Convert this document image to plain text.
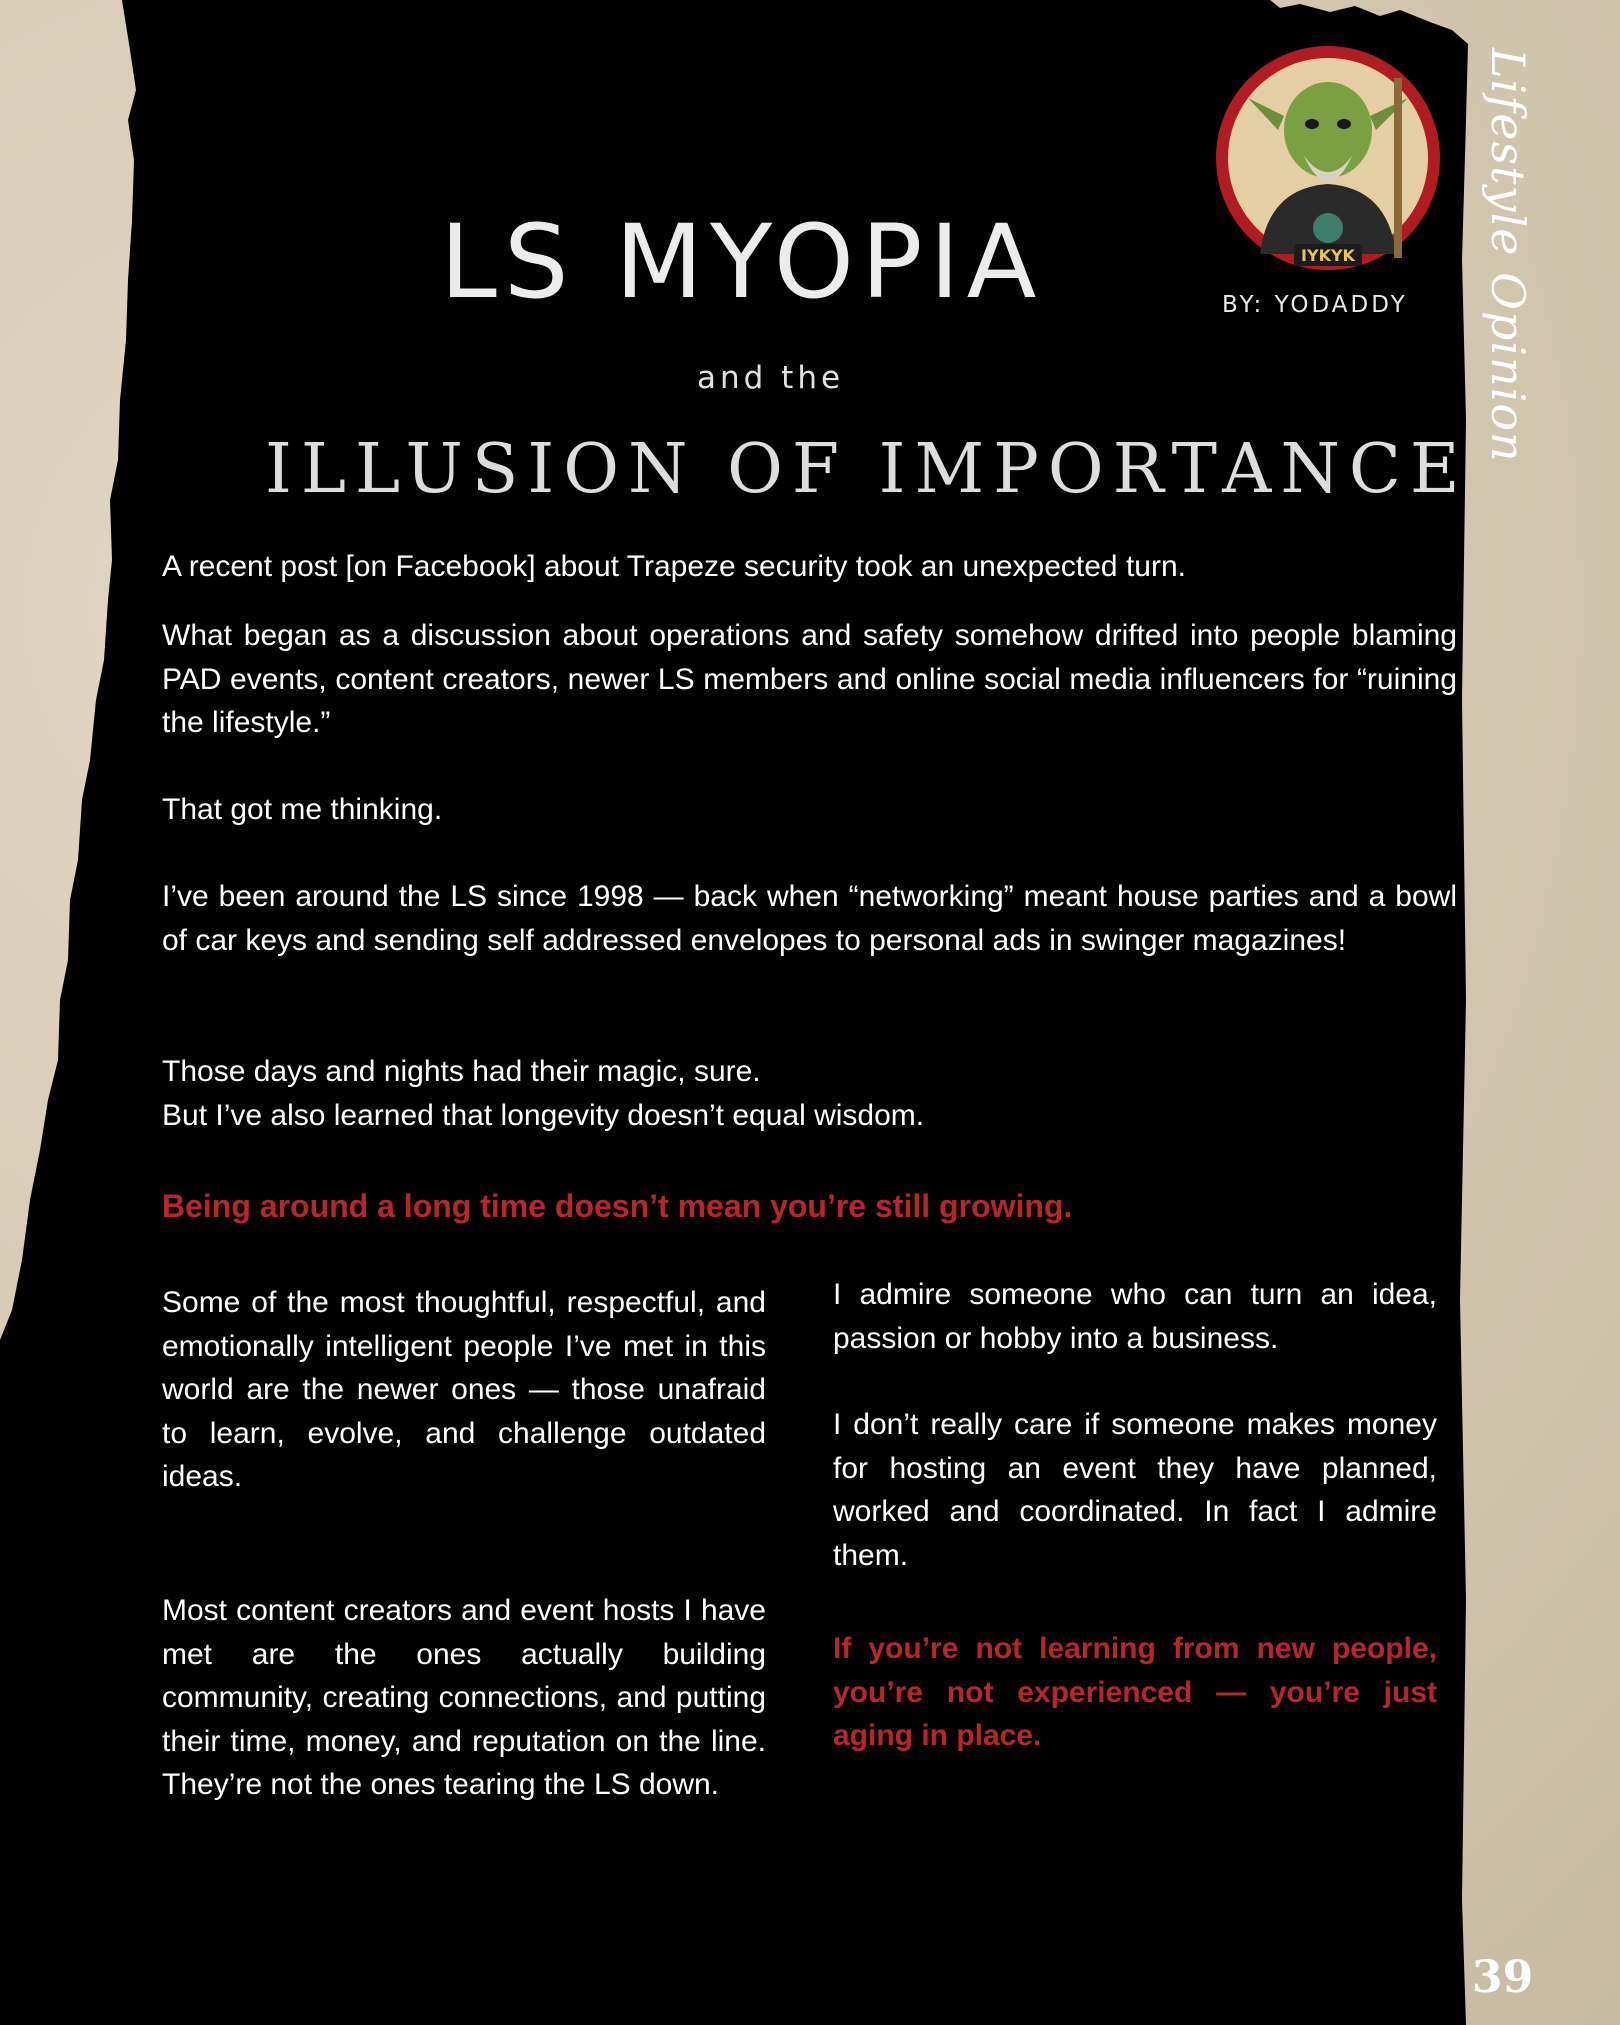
Lifestyle Opinion
IYKYK
BY: YODADDY
LS MYOPIA
and the
ILLUSION OF IMPORTANCE

A recent post [on Facebook] about Trapeze security took an unexpected turn.

What began as a discussion about operations and safety somehow drifted into people blaming PAD events, content creators, newer LS members and online social media influencers for “ruining the lifestyle.”

That got me thinking.

I’ve been around the LS since 1998 — back when “networking” meant house parties and a bowl of car keys and sending self addressed envelopes to personal ads in swinger magazines!

Those days and nights had their magic, sure.

But I’ve also learned that longevity doesn’t equal wisdom.

Being around a long time doesn’t mean you’re still growing.

Some of the most thoughtful, respectful, and emotionally intelligent people I’ve met in this world are the newer ones — those unafraid to learn, evolve, and challenge outdated ideas.

Most content creators and event hosts I have met are the ones actually building community, creating connections, and putting their time, money, and reputation on the line. They’re not the ones tearing the LS down.

I admire someone who can turn an idea, passion or hobby into a business.

I don’t really care if someone makes money for hosting an event they have planned, worked and coordinated. In fact I admire them.

If you’re not learning from new people, you’re not experienced — you’re just aging in place.

39
